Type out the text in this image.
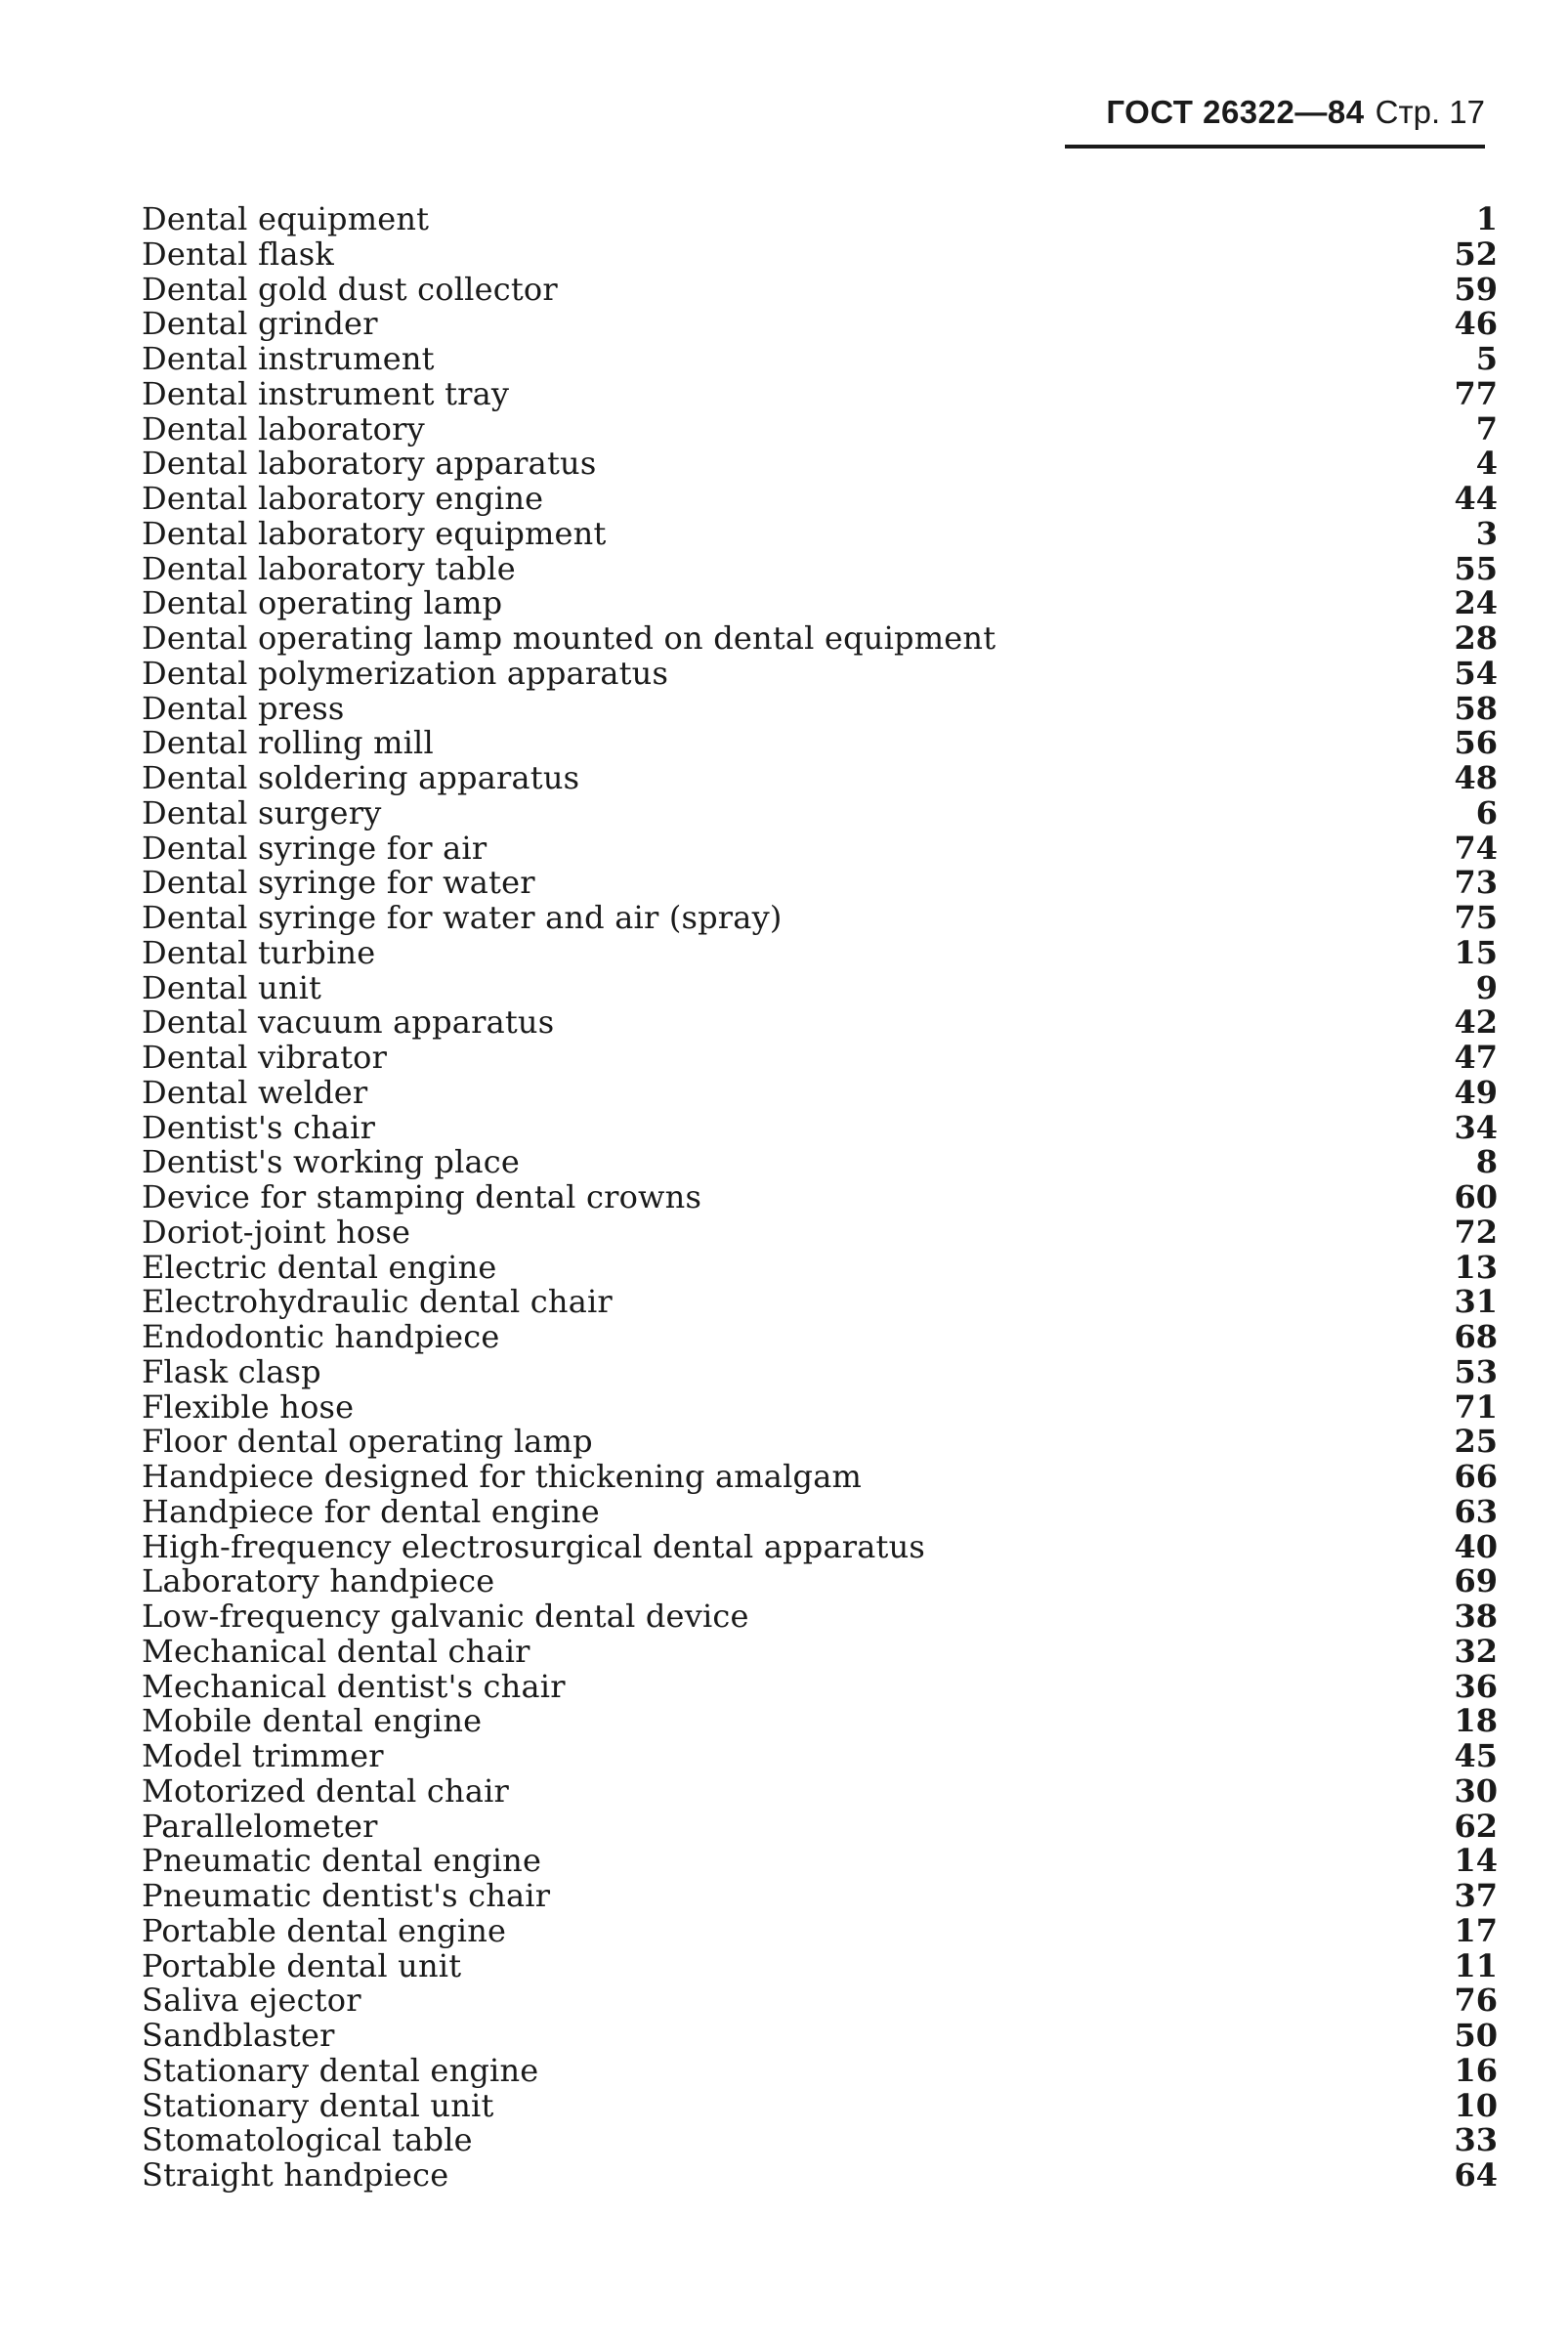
ГОСТ 26322—84 Стр. 17
Dental equipment	1
Dental flask	52
Dental gold dust collector	59
Dental grinder	46
Dental instrument	5
Dental instrument tray	77
Dental laboratory	7
Dental laboratory apparatus	4
Dental laboratory engine	44
Dental laboratory equipment	3
Dental laboratory table	55
Dental operating lamp	24
Dental operating lamp mounted on dental equipment	28
Dental polymerization apparatus	54
Dental press	58
Dental rolling mill	56
Dental soldering apparatus	48
Dental surgery	6
Dental syringe for air	74
Dental syringe for water	73
Dental syringe for water and air (spray)	75
Dental turbine	15
Dental unit	9
Dental vacuum apparatus	42
Dental vibrator	47
Dental welder	49
Dentist's chair	34
Dentist's working place	8
Device for stamping dental crowns	60
Doriot-joint hose	72
Electric dental engine	13
Electrohydraulic dental chair	31
Endodontic handpiece	68
Flask clasp	53
Flexible hose	71
Floor dental operating lamp	25
Handpiece designed for thickening amalgam	66
Handpiece for dental engine	63
High-frequency electrosurgical dental apparatus	40
Laboratory handpiece	69
Low-frequency galvanic dental device	38
Mechanical dental chair	32
Mechanical dentist's chair	36
Mobile dental engine	18
Model trimmer	45
Motorized dental chair	30
Parallelometer	62
Pneumatic dental engine	14
Pneumatic dentist's chair	37
Portable dental engine	17
Portable dental unit	11
Saliva ejector	76
Sandblaster	50
Stationary dental engine	16
Stationary dental unit	10
Stomatological table	33
Straight handpiece	64
